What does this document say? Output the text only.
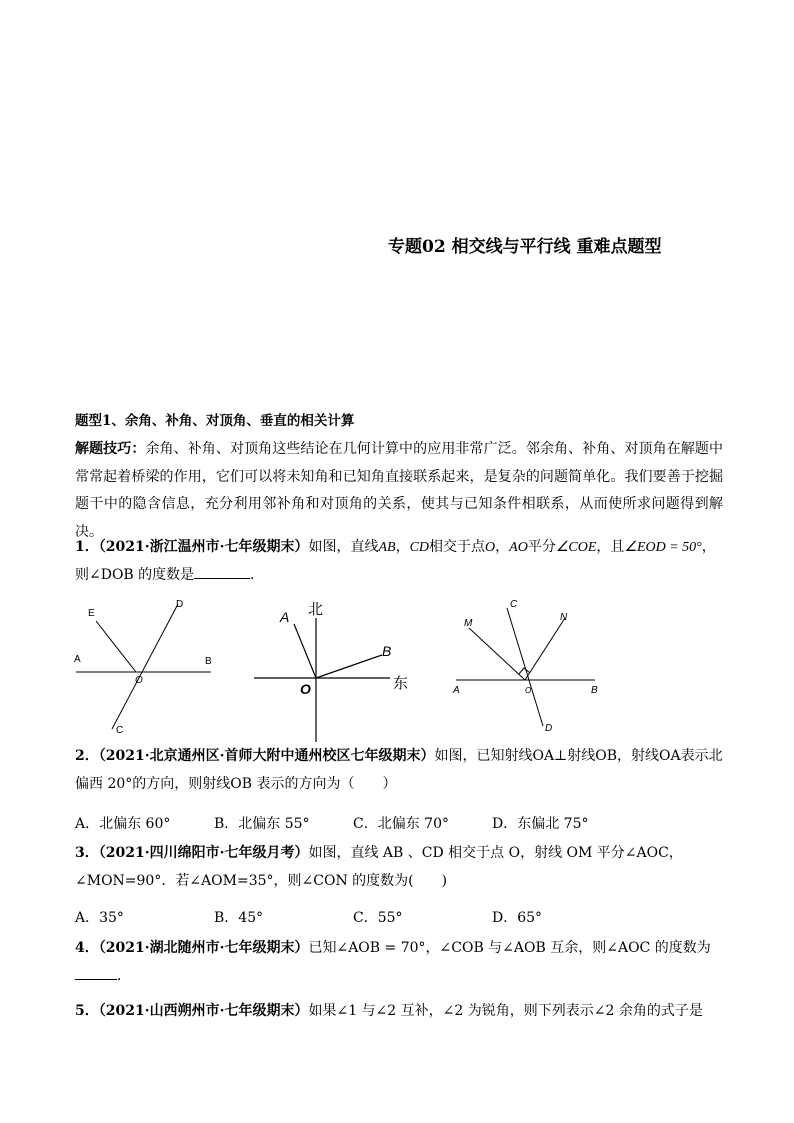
专题02 相交线与平行线 重难点题型
题型1、余角、补角、对顶角、垂直的相关计算
解题技巧：余角、补角、对顶角这些结论在几何计算中的应用非常广泛。邻余角、补角、对顶角在解题中常常起着桥梁的作用，它们可以将未知角和已知角直接联系起来，是复杂的问题简单化。我们要善于挖掘题干中的隐含信息，充分利用邻补角和对顶角的关系，使其与已知条件相联系，从而使所求问题得到解决。
1．（2021·浙江温州市·七年级期末）如图，直线AB，CD相交于点O，AO平分∠COE，且∠EOD = 50°，
则∠DOB 的度数是	．
E
D
A	B
O
C
北
东
A
B
O
C
M
N
A	B
O
D
2．（2021·北京通州区·首师大附中通州校区七年级期末）如图，已知射线OA⊥射线OB，射线OA表示北偏西 20°的方向，则射线OB 表示的方向为（　　）
A．北偏东 60°	B．北偏东 55°	C．北偏东 70°	D．东偏北 75°
3．（2021·四川绵阳市·七年级月考）如图，直线 AB 、CD 相交于点 O，射线 OM 平分∠AOC，∠MON=90°．若∠AOM=35°，则∠CON 的度数为(　　)
A．35°	B．45°	C．55°	D．65°
4．（2021·湖北随州市·七年级期末）已知∠AOB = 70°，∠COB 与∠AOB 互余，则∠AOC 的度数为
．
5．（2021·山西朔州市·七年级期末）如果∠1 与∠2 互补，∠2 为锐角，则下列表示∠2 余角的式子是
